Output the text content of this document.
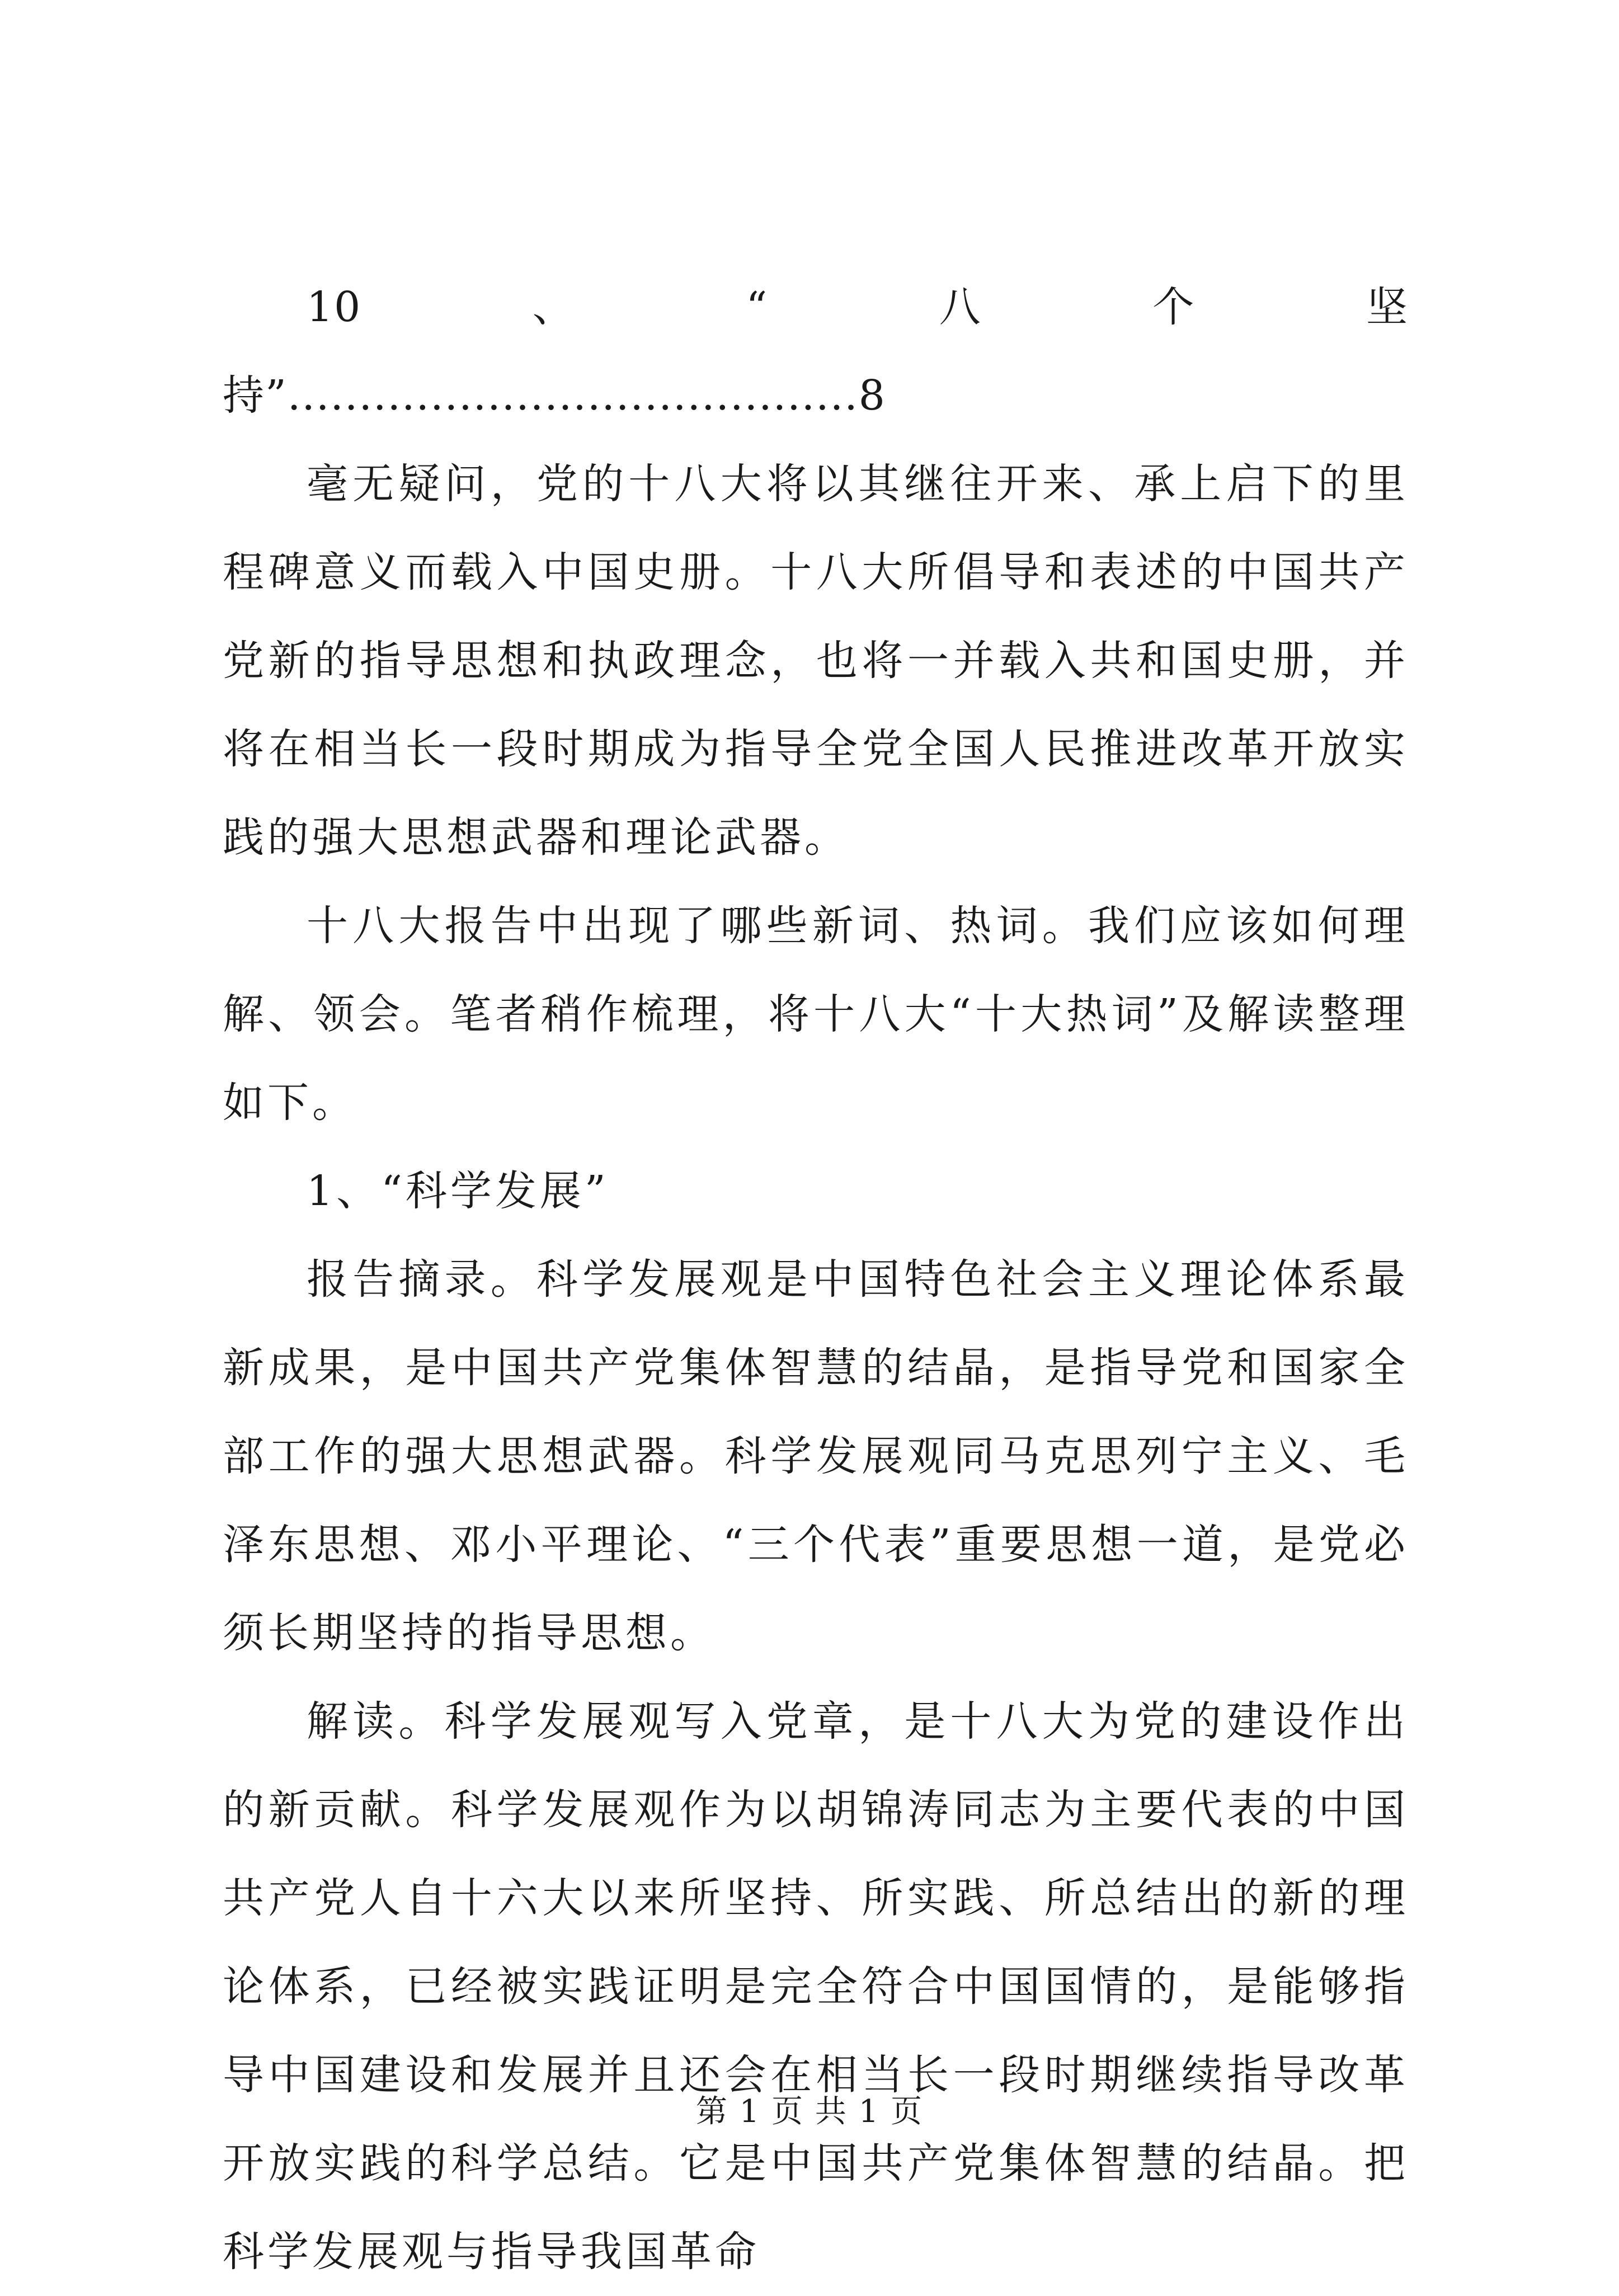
10	、	“	八	个	坚
持”........................................8

毫无疑问，党的十八大将以其继往开来、承上启下的里程碑意义而载入中国史册。十八大所倡导和表述的中国共产党新的指导思想和执政理念，也将一并载入共和国史册，并将在相当长一段时期成为指导全党全国人民推进改革开放实践的强大思想武器和理论武器。

十八大报告中出现了哪些新词、热词。我们应该如何理解、领会。笔者稍作梳理，将十八大“十大热词”及解读整理如下。

1、“科学发展”

报告摘录。科学发展观是中国特色社会主义理论体系最新成果，是中国共产党集体智慧的结晶，是指导党和国家全部工作的强大思想武器。科学发展观同马克思列宁主义、毛泽东思想、邓小平理论、“三个代表”重要思想一道，是党必须长期坚持的指导思想。

解读。科学发展观写入党章，是十八大为党的建设作出的新贡献。科学发展观作为以胡锦涛同志为主要代表的中国共产党人自十六大以来所坚持、所实践、所总结出的新的理论体系，已经被实践证明是完全符合中国国情的，是能够指导中国建设和发展并且还会在相当长一段时期继续指导改革开放实践的科学总结。它是中国共产党集体智慧的结晶。把科学发展观与指导我国革命

第 1 页 共 1 页
